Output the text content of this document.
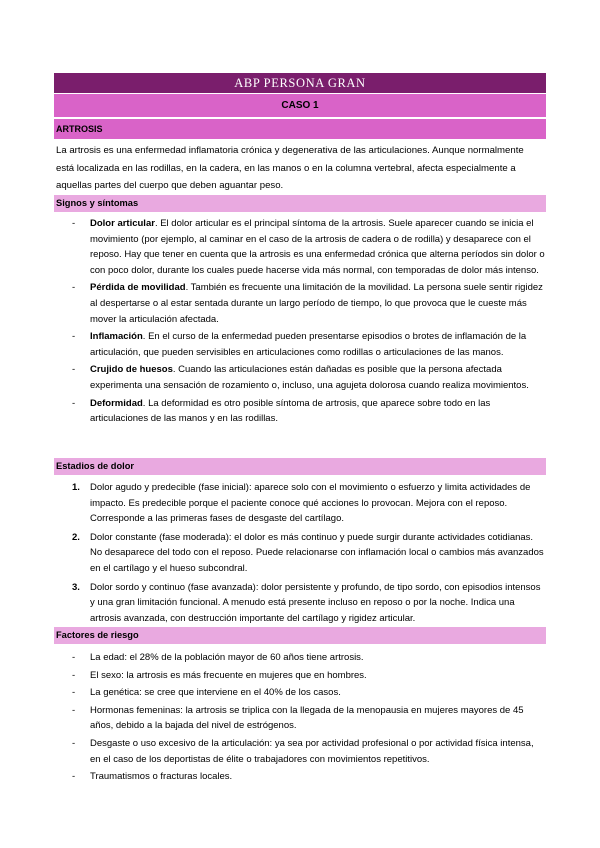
ABP PERSONA GRAN
CASO 1
ARTROSIS
La artrosis es una enfermedad inflamatoria crónica y degenerativa de las articulaciones. Aunque normalmente está localizada en las rodillas, en la cadera, en las manos o en la columna vertebral, afecta especialmente a aquellas partes del cuerpo que deben aguantar peso.
Signos y síntomas
-	Dolor articular. El dolor articular es el principal síntoma de la artrosis. Suele aparecer cuando se inicia el movimiento (por ejemplo, al caminar en el caso de la artrosis de cadera o de rodilla) y desaparece con el reposo. Hay que tener en cuenta que la artrosis es una enfermedad crónica que alterna períodos sin dolor o con poco dolor, durante los cuales puede hacerse vida más normal, con temporadas de dolor más intenso.
-	Pérdida de movilidad. También es frecuente una limitación de la movilidad. La persona suele sentir rigidez al despertarse o al estar sentada durante un largo período de tiempo, lo que provoca que le cueste más mover la articulación afectada.
-	Inflamación. En el curso de la enfermedad pueden presentarse episodios o brotes de inflamación de la articulación, que pueden servisibles en articulaciones como rodillas o articulaciones de las manos.
-	Crujido de huesos. Cuando las articulaciones están dañadas es posible que la persona afectada experimenta una sensación de rozamiento o, incluso, una agujeta dolorosa cuando realiza movimientos.
-	Deformidad. La deformidad es otro posible síntoma de artrosis, que aparece sobre todo en las articulaciones de las manos y en las rodillas.
Estadios de dolor
1.	Dolor agudo y predecible (fase inicial): aparece solo con el movimiento o esfuerzo y limita actividades de impacto. Es predecible porque el paciente conoce qué acciones lo provocan. Mejora con el reposo. Corresponde a las primeras fases de desgaste del cartílago.
2.	Dolor constante (fase moderada): el dolor es más continuo y puede surgir durante actividades cotidianas. No desaparece del todo con el reposo. Puede relacionarse con inflamación local o cambios más avanzados en el cartílago y el hueso subcondral.
3.	Dolor sordo y continuo (fase avanzada): dolor persistente y profundo, de tipo sordo, con episodios intensos y una gran limitación funcional. A menudo está presente incluso en reposo o por la noche. Indica una artrosis avanzada, con destrucción importante del cartílago y rigidez articular.
Factores de riesgo
-	La edad: el 28% de la población mayor de 60 años tiene artrosis.
-	El sexo: la artrosis es más frecuente en mujeres que en hombres.
-	La genética: se cree que interviene en el 40% de los casos.
-	Hormonas femeninas: la artrosis se triplica con la llegada de la menopausia en mujeres mayores de 45 años, debido a la bajada del nivel de estrógenos.
-	Desgaste o uso excesivo de la articulación: ya sea por actividad profesional o por actividad física intensa, en el caso de los deportistas de élite o trabajadores con movimientos repetitivos.
-	Traumatismos o fracturas locales.
